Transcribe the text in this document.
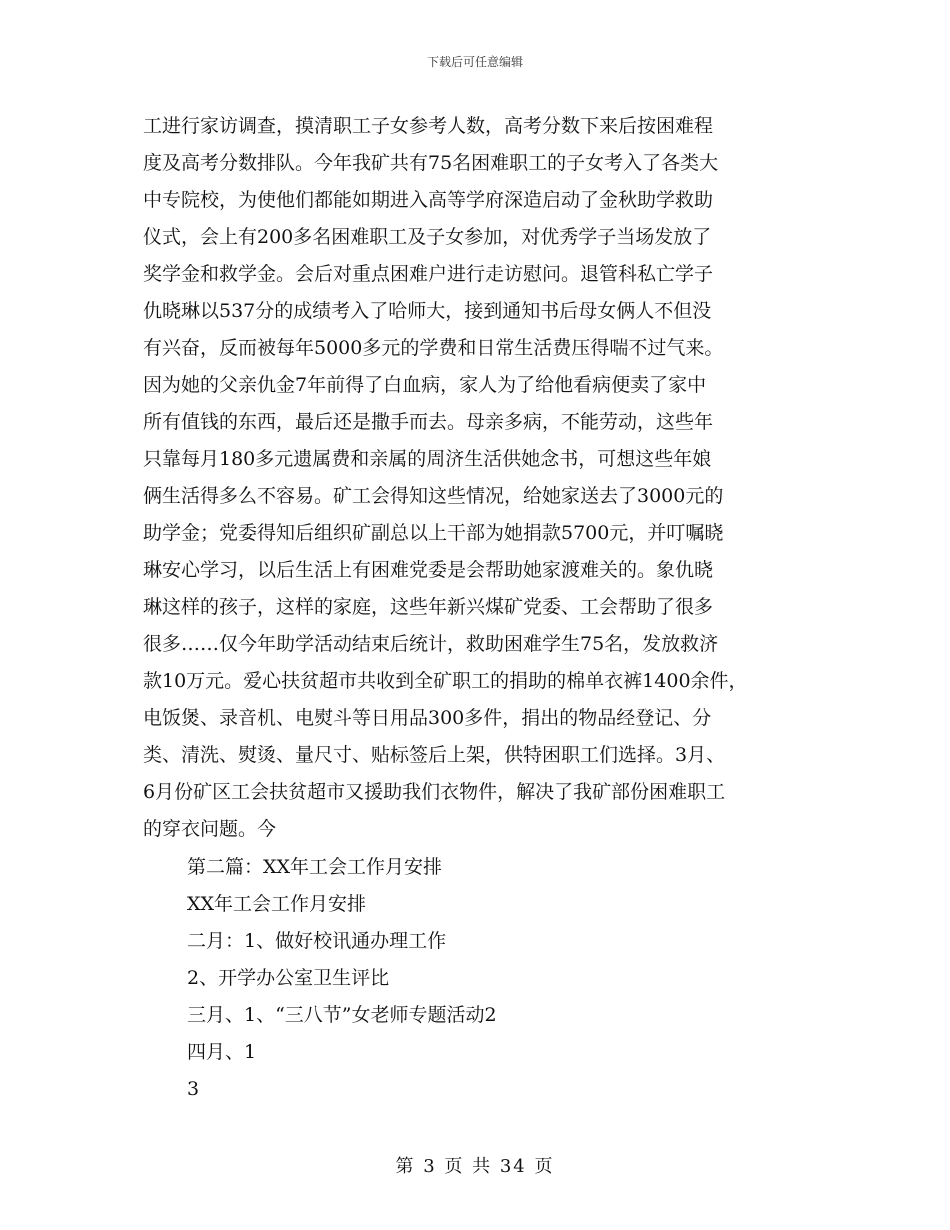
下载后可任意编辑
工进行家访调查，摸清职工子女参考人数，高考分数下来后按困难程
度及高考分数排队。今年我矿共有75名困难职工的子女考入了各类大
中专院校，为使他们都能如期进入高等学府深造启动了金秋助学救助
仪式，会上有200多名困难职工及子女参加，对优秀学子当场发放了
奖学金和救学金。会后对重点困难户进行走访慰问。退管科私亡学子
仇晓琳以537分的成绩考入了哈师大，接到通知书后母女俩人不但没
有兴奋，反而被每年5000多元的学费和日常生活费压得喘不过气来。
因为她的父亲仇金7年前得了白血病，家人为了给他看病便卖了家中
所有值钱的东西，最后还是撒手而去。母亲多病，不能劳动，这些年
只靠每月180多元遗属费和亲属的周济生活供她念书，可想这些年娘
俩生活得多么不容易。矿工会得知这些情况，给她家送去了3000元的
助学金；党委得知后组织矿副总以上干部为她捐款5700元，并叮嘱晓
琳安心学习，以后生活上有困难党委是会帮助她家渡难关的。象仇晓
琳这样的孩子，这样的家庭，这些年新兴煤矿党委、工会帮助了很多
很多……仅今年助学活动结束后统计，救助困难学生75名，发放救济
款10万元。爱心扶贫超市共收到全矿职工的捐助的棉单衣裤1400余件，
电饭煲、录音机、电熨斗等日用品300多件，捐出的物品经登记、分
类、清洗、熨烫、量尺寸、贴标签后上架，供特困职工们选择。3月、
6月份矿区工会扶贫超市又援助我们衣物件，解决了我矿部份困难职工
的穿衣问题。今
第二篇：XX年工会工作月安排
XX年工会工作月安排
二月：1、做好校讯通办理工作
2、开学办公室卫生评比
三月、1、“三八节”女老师专题活动2
四月、1
3
第 3 页 共 34 页
